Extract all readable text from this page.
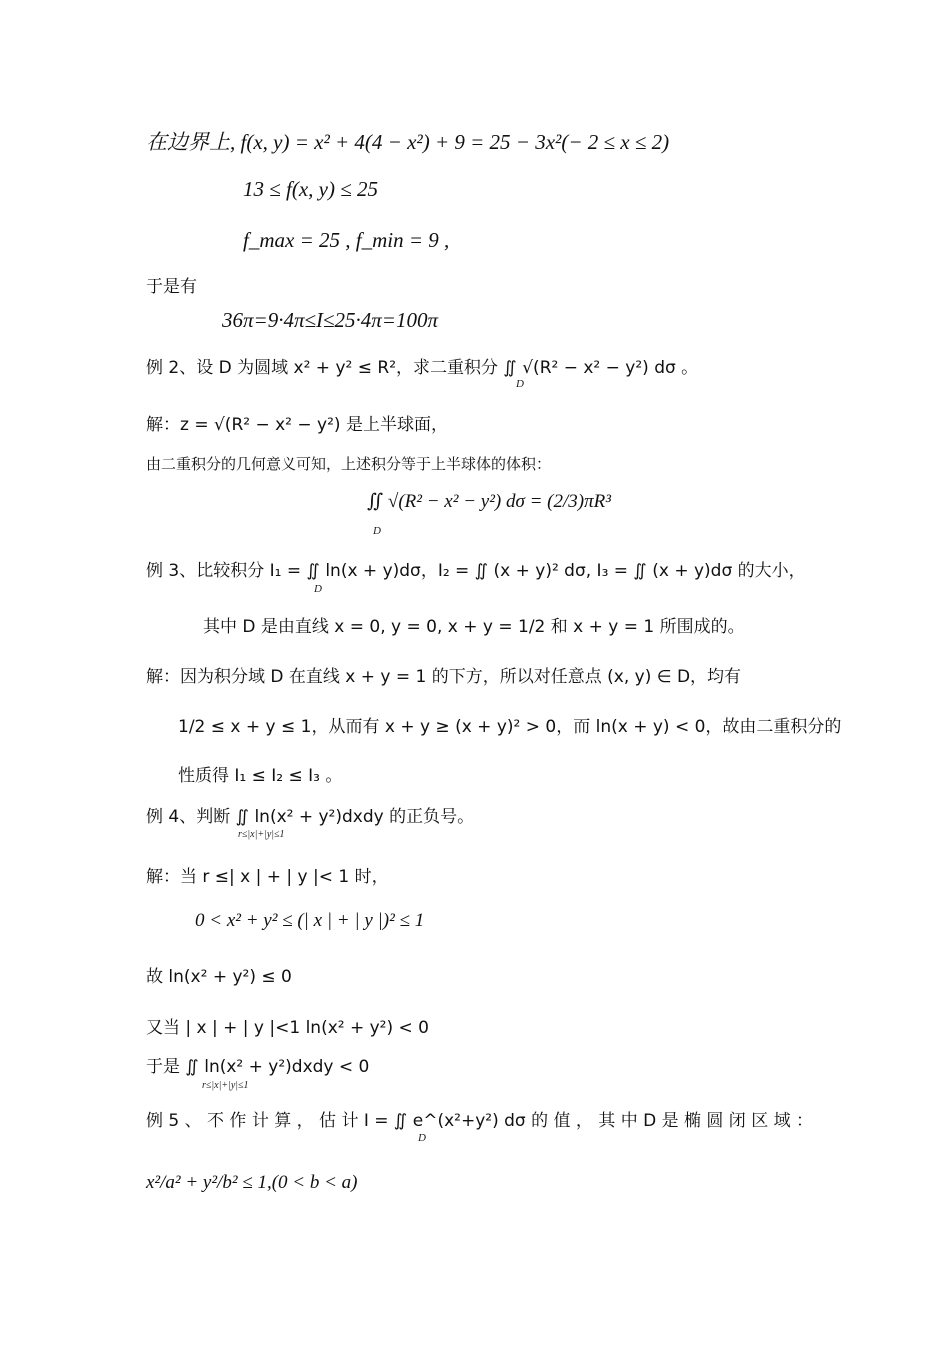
在边界上, f(x, y) = x² + 4(4 − x²) + 9 = 25 − 3x²(− 2 ≤ x ≤ 2)
13 ≤ f(x, y) ≤ 25
f_max = 25 , f_min = 9 ,
于是有
36π=9·4π≤I≤25·4π=100π
例 2、设 D 为圆域 x² + y² ≤ R²，求二重积分 ∬ √(R² − x² − y²) dσ 。
D
解：z = √(R² − x² − y²) 是上半球面，
由二重积分的几何意义可知，上述积分等于上半球体的体积：
∬ √(R² − x² − y²) dσ = (2/3)πR³
D
例 3、比较积分 I₁ = ∬ ln(x + y)dσ，I₂ = ∬ (x + y)² dσ, I₃ = ∬ (x + y)dσ 的大小，
D
其中 D 是由直线 x = 0, y = 0, x + y = 1/2 和 x + y = 1 所围成的。
解：因为积分域 D 在直线 x + y = 1 的下方，所以对任意点 (x, y) ∈ D，均有
1/2 ≤ x + y ≤ 1，从而有 x + y ≥ (x + y)² > 0，而 ln(x + y) < 0，故由二重积分的
性质得 I₁ ≤ I₂ ≤ I₃ 。
例 4、判断 ∬ ln(x² + y²)dxdy 的正负号。
r≤|x|+|y|≤1
解：当 r ≤| x | + | y |< 1 时，
0 < x² + y² ≤ (| x | + | y |)² ≤ 1
故 ln(x² + y²) ≤ 0
又当 | x | + | y |<1 ln(x² + y²) < 0
于是 ∬ ln(x² + y²)dxdy < 0
r≤|x|+|y|≤1
例 5 、 不 作 计 算 ， 估 计 I = ∬ e^(x²+y²) dσ 的 值 ， 其 中 D 是 椭 圆 闭 区 域 ：
D
x²/a² + y²/b² ≤ 1,(0 < b < a)
